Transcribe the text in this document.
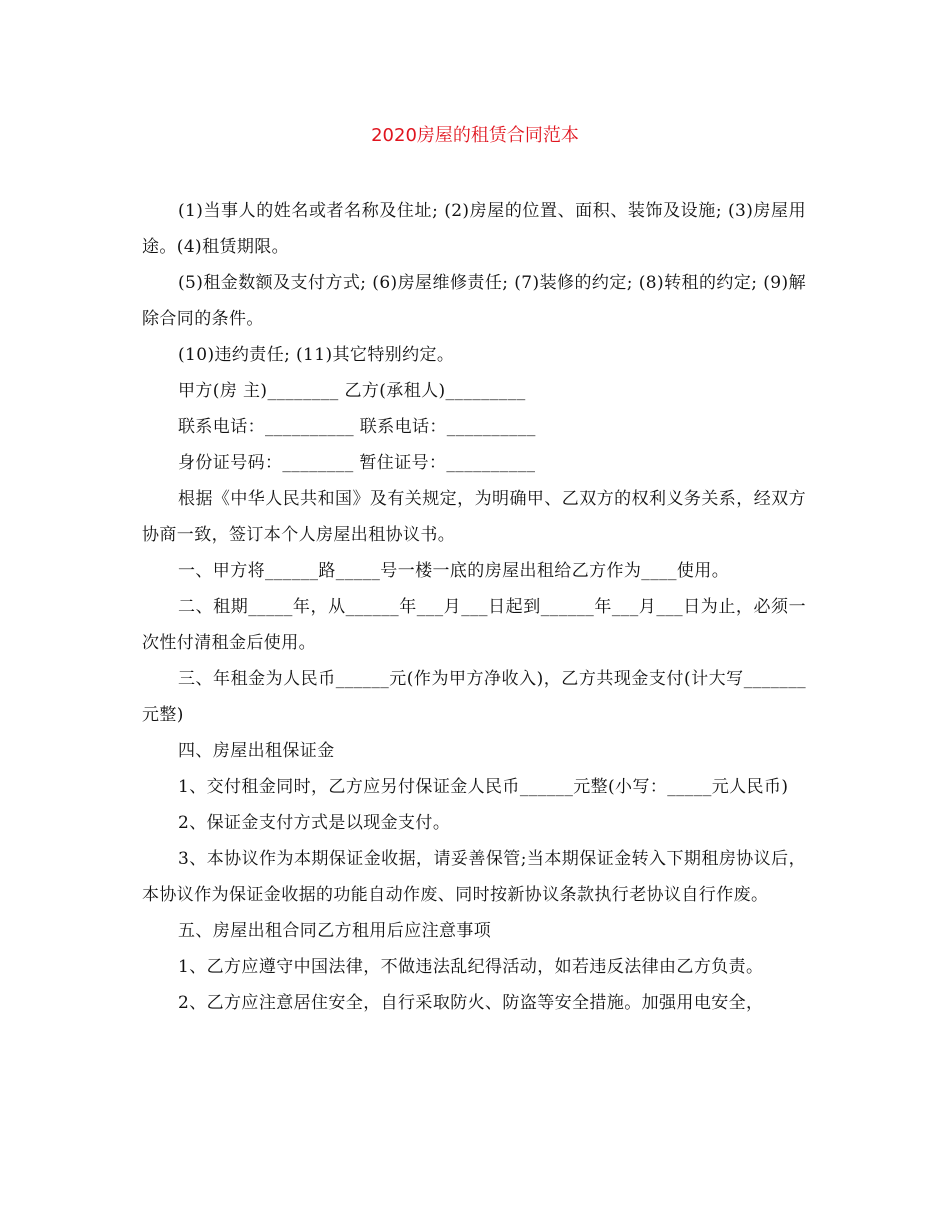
2020房屋的租赁合同范本

(1)当事人的姓名或者名称及住址; (2)房屋的位置、面积、装饰及设施; (3)房屋用途。(4)租赁期限。

(5)租金数额及支付方式; (6)房屋维修责任; (7)装修的约定; (8)转租的约定; (9)解除合同的条件。

(10)违约责任; (11)其它特别约定。

甲方(房 主)________ 乙方(承租人)_________

联系电话：__________ 联系电话：__________

身份证号码：________ 暂住证号：__________

根据《中华人民共和国》及有关规定，为明确甲、乙双方的权利义务关系，经双方协商一致，签订本个人房屋出租协议书。

一、甲方将______路_____号一楼一底的房屋出租给乙方作为____使用。

二、租期_____年，从______年___月___日起到______年___月___日为止，必须一次性付清租金后使用。

三、年租金为人民币______元(作为甲方净收入)，乙方共现金支付(计大写_______元整)

四、房屋出租保证金

1、交付租金同时，乙方应另付保证金人民币______元整(小写：_____元人民币)

2、保证金支付方式是以现金支付。

3、本协议作为本期保证金收据，请妥善保管;当本期保证金转入下期租房协议后，本协议作为保证金收据的功能自动作废、同时按新协议条款执行老协议自行作废。

五、房屋出租合同乙方租用后应注意事项

1、乙方应遵守中国法律，不做违法乱纪得活动，如若违反法律由乙方负责。

2、乙方应注意居住安全，自行采取防火、防盗等安全措施。加强用电安全，
